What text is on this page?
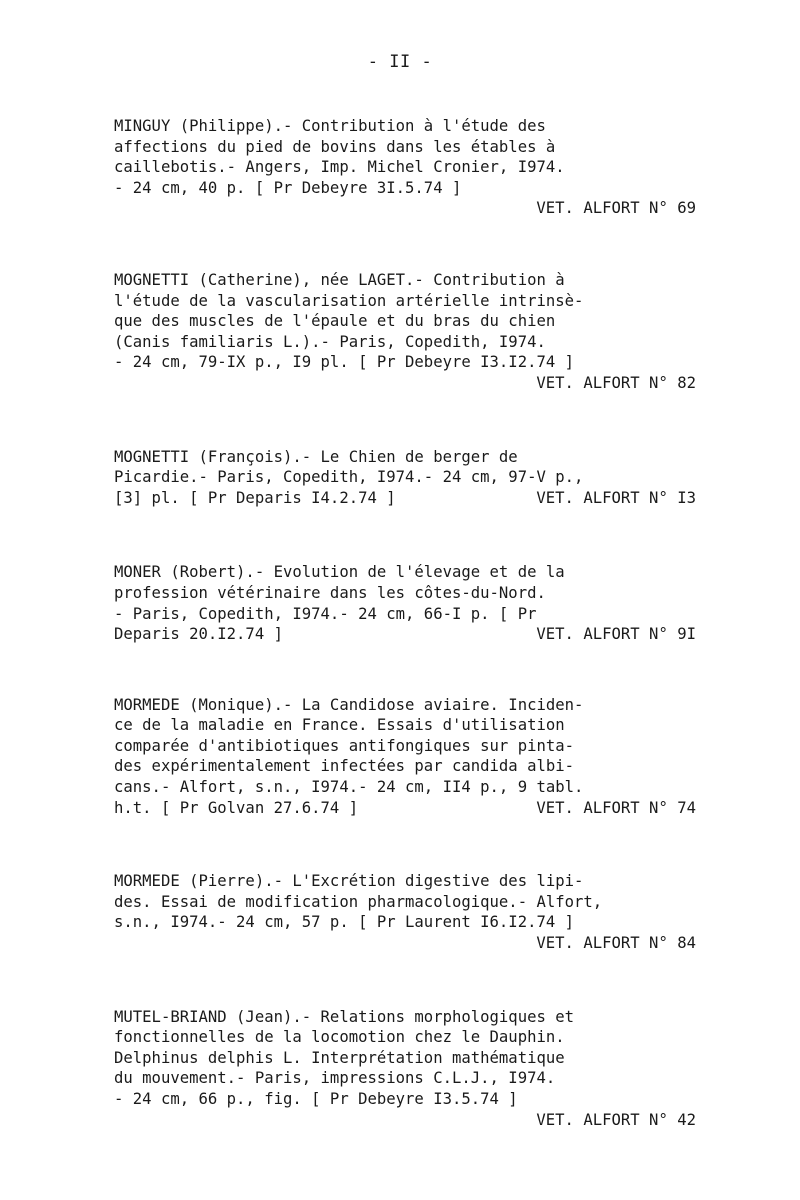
- II -
MINGUY (Philippe).- Contribution à l'étude des
affections du pied de bovins dans les étables à
caillebotis.- Angers, Imp. Michel Cronier, I974.
- 24 cm, 40 p. [ Pr Debeyre 3I.5.74 ]
VET. ALFORT N° 69
MOGNETTI (Catherine), née LAGET.- Contribution à
l'étude de la vascularisation artérielle intrinsè-
que des muscles de l'épaule et du bras du chien
(Canis familiaris L.).- Paris, Copedith, I974.
- 24 cm, 79-IX p., I9 pl. [ Pr Debeyre I3.I2.74 ]
VET. ALFORT N° 82
MOGNETTI (François).- Le Chien de berger de
Picardie.- Paris, Copedith, I974.- 24 cm, 97-V p.,
[3] pl. [ Pr Deparis I4.2.74 ]	VET. ALFORT N° I3
MONER (Robert).- Evolution de l'élevage et de la
profession vétérinaire dans les côtes-du-Nord.
- Paris, Copedith, I974.- 24 cm, 66-I p. [ Pr
Deparis 20.I2.74 ]	VET. ALFORT N° 9I
MORMEDE (Monique).- La Candidose aviaire. Inciden-
ce de la maladie en France. Essais d'utilisation
comparée d'antibiotiques antifongiques sur pinta-
des expérimentalement infectées par candida albi-
cans.- Alfort, s.n., I974.- 24 cm, II4 p., 9 tabl.
h.t. [ Pr Golvan 27.6.74 ]	VET. ALFORT N° 74
MORMEDE (Pierre).- L'Excrétion digestive des lipi-
des. Essai de modification pharmacologique.- Alfort,
s.n., I974.- 24 cm, 57 p. [ Pr Laurent I6.I2.74 ]
VET. ALFORT N° 84
MUTEL-BRIAND (Jean).- Relations morphologiques et
fonctionnelles de la locomotion chez le Dauphin.
Delphinus delphis L. Interprétation mathématique
du mouvement.- Paris, impressions C.L.J., I974.
- 24 cm, 66 p., fig. [ Pr Debeyre I3.5.74 ]
VET. ALFORT N° 42
